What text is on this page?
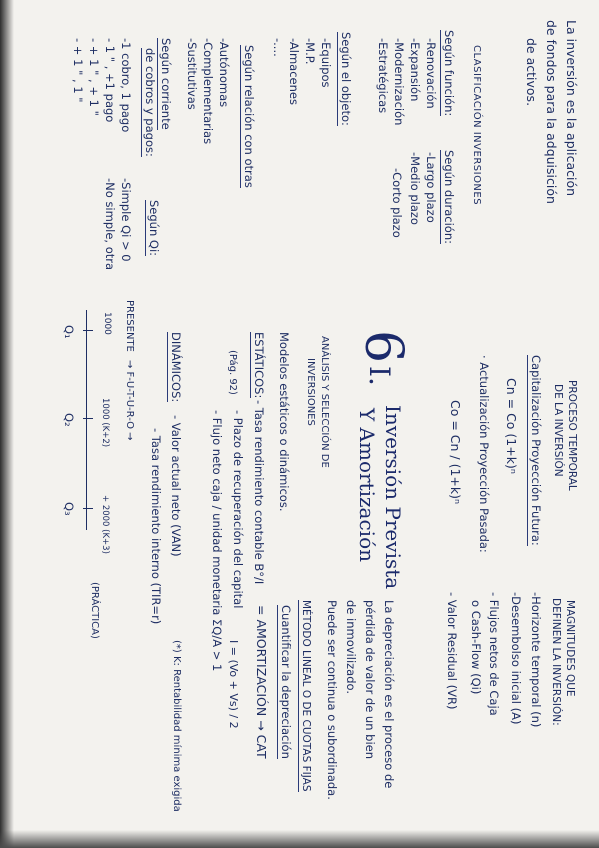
La inversión es la aplicación
de fondos para la adquisición
de activos.
CLASIFICACIÓN INVERSIONES
Según función:
-Renovación
-Expansión
-Modernización
-Estratégicas
Según duración:
-Largo plazo
-Medio plazo
-Corto plazo
Según el objeto:
-Equipos
-M.P.
-Almacenes
-....
Según relación con otras
-Autónomas
-Complementarias
-Sustitutivas
Según corriente
de cobros y pagos:
-1 cobro, 1 pago
- 1 " , +1 pago
- + 1 " , + 1 "
- + 1 " , 1 "
Según Qi:
-Simple Qi > 0
-No simple, otra
PRESENTE
→ F-U-T-U-R-O →
1000
Q₁
Q₂
Q₃
1000 (K+2)
+ 2000 (K+3)
(PRÁCTICA)
PROCESO TEMPORAL
DE LA INVERSIÓN
Capitalización Proyección Futura:
Cn = Co (1+k)ⁿ
· Actualización Proyección Pasada:
Co = Cn / (1+k)ⁿ
MAGNITUDES QUE
DEFINEN LA INVERSIÓN:
-Horizonte temporal (n)
-Desembolso inicial (A)
- Flujos netos de Caja
o Cash-Flow (Qi)
- Valor Residual (VR)
6
I.
Inversión Prevista
Y Amortización
ANÁLISIS Y SELECCIÓN DE
INVERSIONES
Modelos estáticos o dinámicos.
ESTÁTICOS:
- Tasa rendimiento contable B°/I
- Plazo de recuperación del capital
- Flujo neto caja / unidad monetaria ΣQ/A > 1
(Pág. 92)
DINÁMICOS:
- Valor actual neto (VAN)
- Tasa rendimiento interno (TIR=r)
(*) K: Rentabilidad mínima exigida	La depreciación es el proceso de
pérdida de valor de un bien
de inmovilizado.
Puede ser continua o subordinada.
MÉTODO LINEAL O DE CUOTAS FIJAS
Cuantificar la depreciación
= AMORTIZACIÓN → CAT
I = (Vo + Vs) / 2
